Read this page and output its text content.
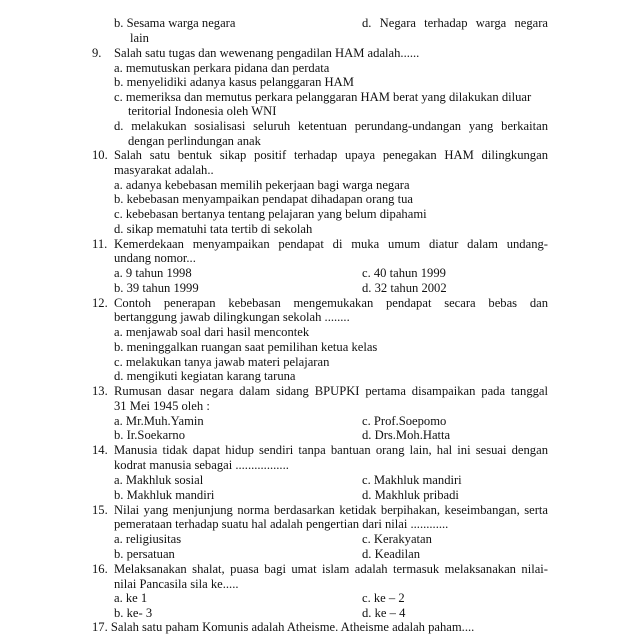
b. Sesama warga negara	d. Negara terhadap warga negara
lain
9. Salah satu tugas dan wewenang pengadilan HAM adalah......
a. memutuskan perkara pidana dan perdata
b. menyelidiki adanya kasus pelanggaran HAM
c. memeriksa dan memutus perkara pelanggaran HAM berat yang dilakukan diluar
teritorial Indonesia oleh WNI
d. melakukan sosialisasi seluruh ketentuan perundang-undangan yang berkaitan
dengan perlindungan anak
10. Salah satu bentuk sikap positif terhadap upaya penegakan HAM dilingkungan
masyarakat adalah..
a. adanya kebebasan memilih pekerjaan bagi warga negara
b. kebebasan menyampaikan pendapat dihadapan orang tua
c. kebebasan bertanya tentang pelajaran yang belum dipahami
d. sikap mematuhi tata tertib di sekolah
11. Kemerdekaan menyampaikan pendapat di muka umum diatur dalam undang-
undang nomor...
a. 9 tahun 1998	c. 40 tahun 1999
b. 39 tahun 1999	d. 32 tahun 2002
12. Contoh penerapan kebebasan mengemukakan pendapat secara bebas dan
bertanggung jawab dilingkungan sekolah ........
a. menjawab soal dari hasil mencontek
b. meninggalkan ruangan saat pemilihan ketua kelas
c. melakukan tanya jawab materi pelajaran
d. mengikuti kegiatan karang taruna
13. Rumusan dasar negara dalam sidang BPUPKI pertama disampaikan pada tanggal
31 Mei 1945 oleh :
a. Mr.Muh.Yamin	c. Prof.Soepomo
b. Ir.Soekarno	d. Drs.Moh.Hatta
14. Manusia tidak dapat hidup sendiri tanpa bantuan orang lain, hal ini sesuai dengan
kodrat manusia sebagai .................
a. Makhluk sosial	c. Makhluk mandiri
b. Makhluk mandiri	d. Makhluk pribadi
15. Nilai yang menjunjung norma berdasarkan ketidak berpihakan, keseimbangan, serta
pemerataan terhadap suatu hal adalah pengertian dari nilai ............
a. religiusitas	c. Kerakyatan
b. persatuan	d. Keadilan
16. Melaksanakan shalat, puasa bagi umat islam adalah termasuk melaksanakan nilai-
nilai Pancasila sila ke.....
a. ke 1	c. ke – 2
b. ke- 3	d. ke – 4
17. Salah satu paham Komunis adalah Atheisme. Atheisme adalah paham....
